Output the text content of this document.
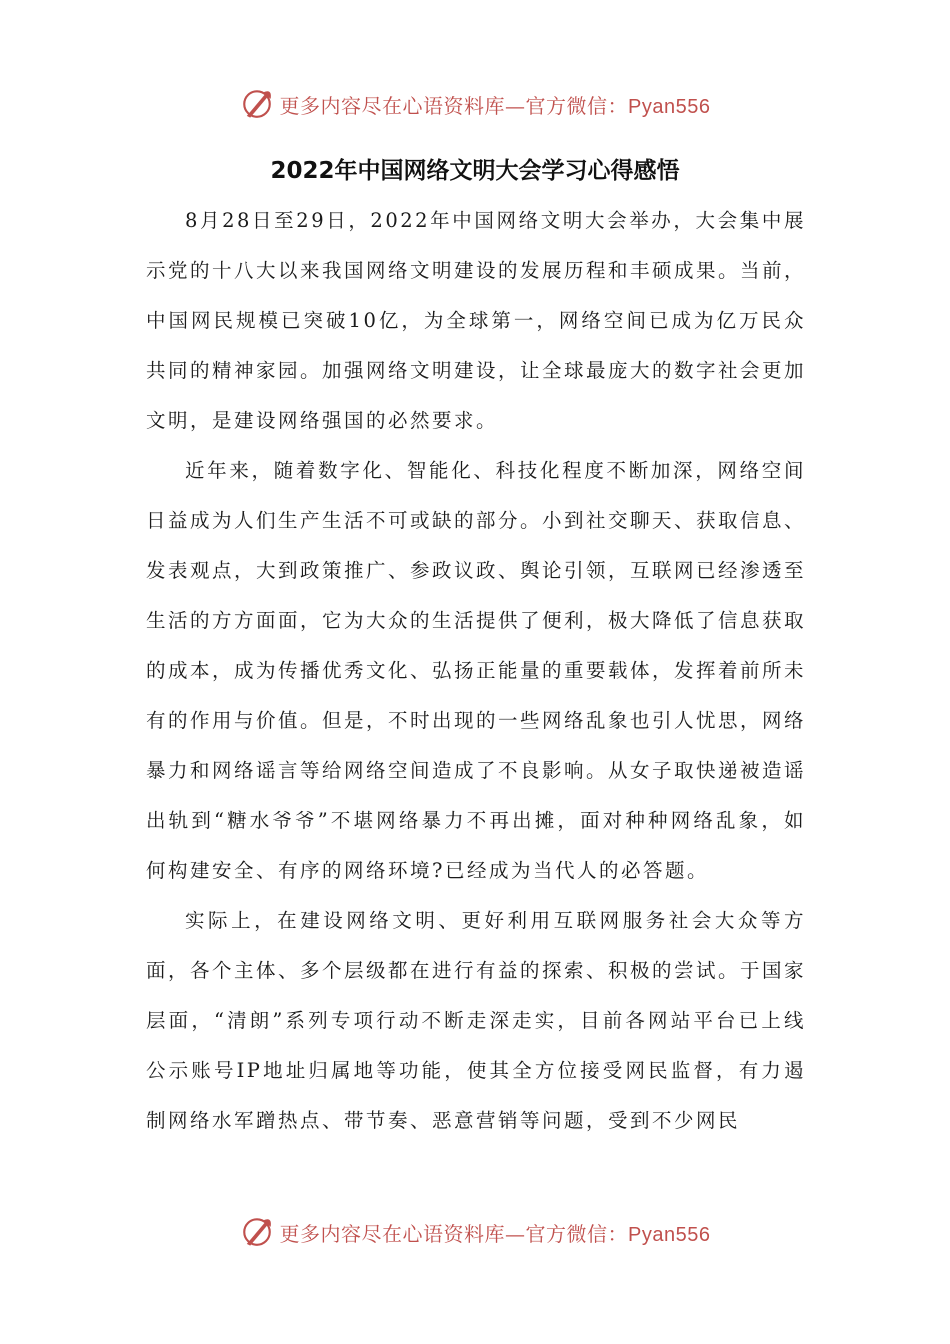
更多内容尽在心语资料库—官方微信：Pyan556
2022年中国网络文明大会学习心得感悟

8月28日至29日，2022年中国网络文明大会举办，大会集中展示党的十八大以来我国网络文明建设的发展历程和丰硕成果。当前，中国网民规模已突破10亿，为全球第一，网络空间已成为亿万民众共同的精神家园。加强网络文明建设，让全球最庞大的数字社会更加文明，是建设网络强国的必然要求。

近年来，随着数字化、智能化、科技化程度不断加深，网络空间日益成为人们生产生活不可或缺的部分。小到社交聊天、获取信息、发表观点，大到政策推广、参政议政、舆论引领，互联网已经渗透至生活的方方面面，它为大众的生活提供了便利，极大降低了信息获取的成本，成为传播优秀文化、弘扬正能量的重要载体，发挥着前所未有的作用与价值。但是，不时出现的一些网络乱象也引人忧思，网络暴力和网络谣言等给网络空间造成了不良影响。从女子取快递被造谣出轨到“糖水爷爷”不堪网络暴力不再出摊，面对种种网络乱象，如何构建安全、有序的网络环境?已经成为当代人的必答题。

实际上，在建设网络文明、更好利用互联网服务社会大众等方面，各个主体、多个层级都在进行有益的探索、积极的尝试。于国家层面，“清朗”系列专项行动不断走深走实，目前各网站平台已上线公示账号IP地址归属地等功能，使其全方位接受网民监督，有力遏制网络水军蹭热点、带节奏、恶意营销等问题，受到不少网民

更多内容尽在心语资料库—官方微信：Pyan556
